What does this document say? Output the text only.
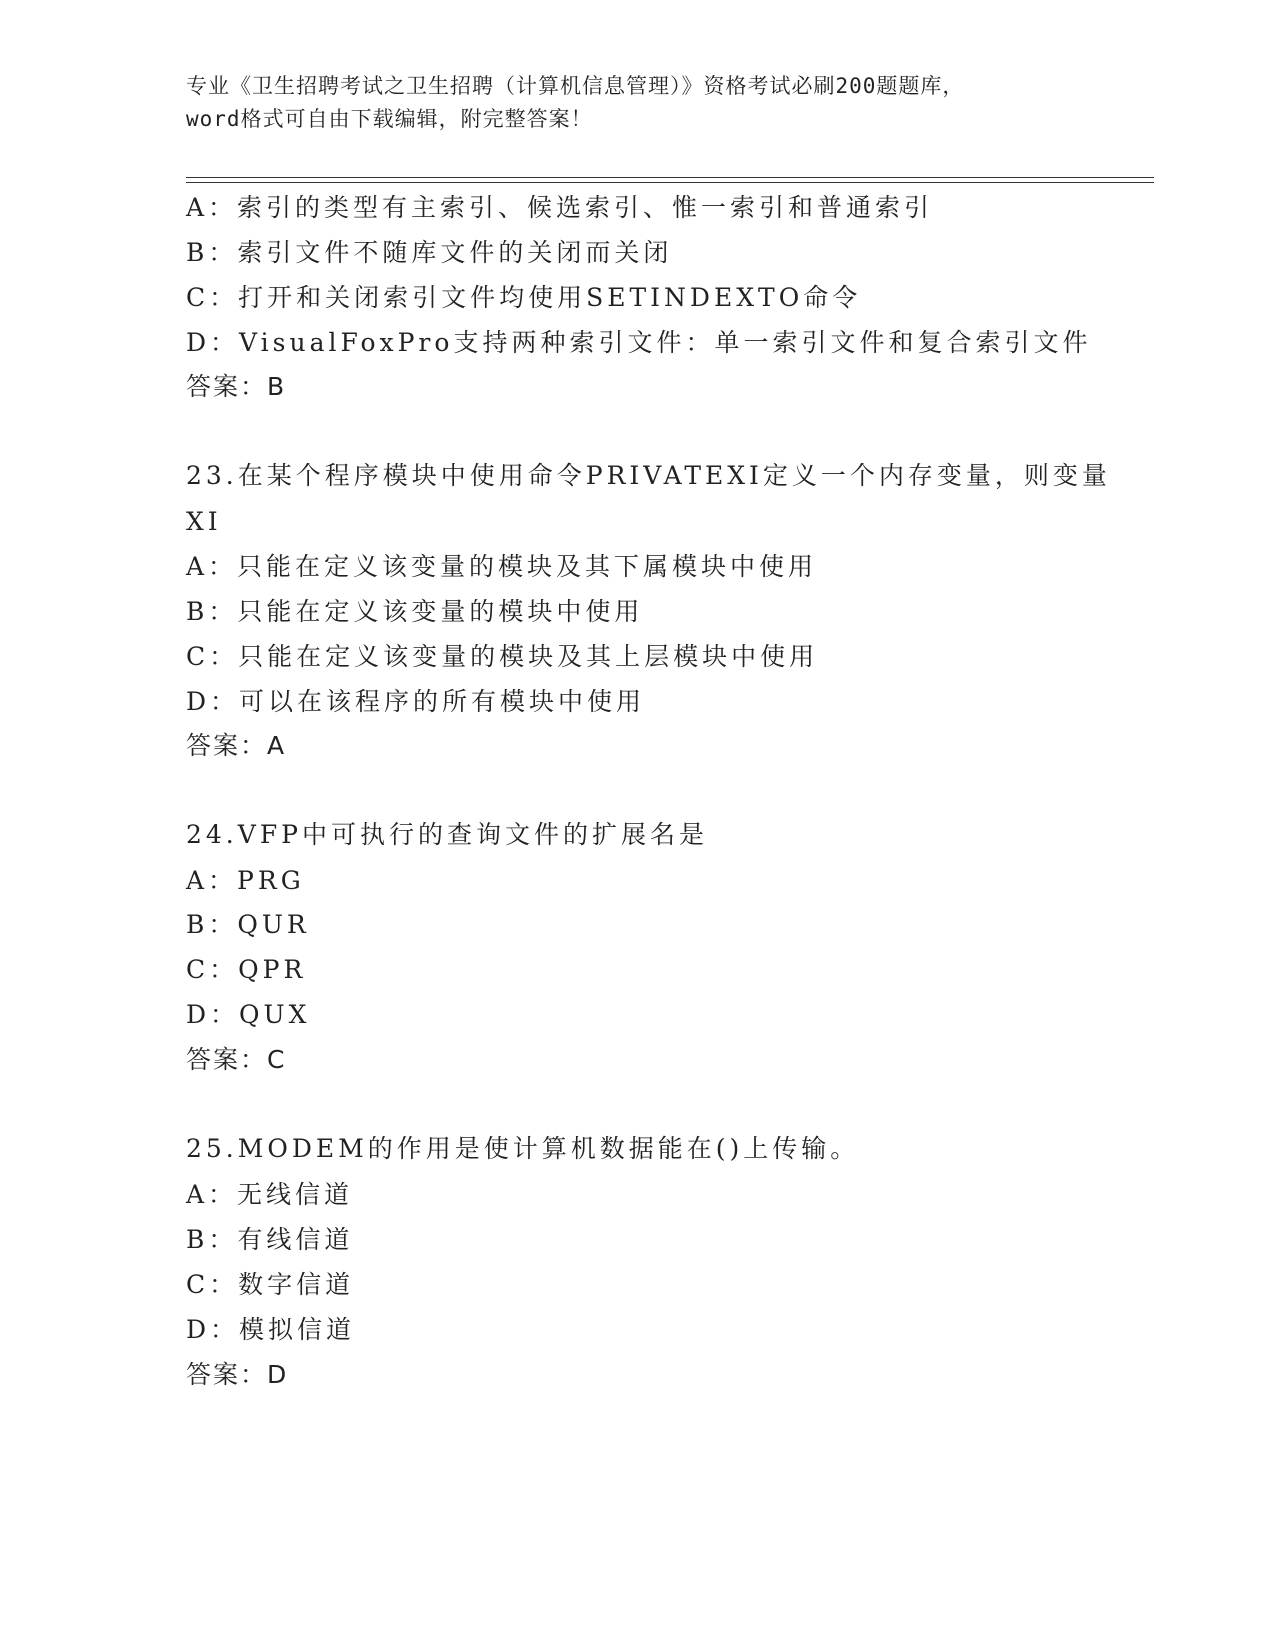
专业《卫生招聘考试之卫生招聘（计算机信息管理）》资格考试必刷200题题库，
word格式可自由下载编辑，附完整答案！
A：索引的类型有主索引、候选索引、惟一索引和普通索引
B：索引文件不随库文件的关闭而关闭
C：打开和关闭索引文件均使用SETINDEXTO命令
D：VisualFoxPro支持两种索引文件：单一索引文件和复合索引文件
答案：B
23.在某个程序模块中使用命令PRIVATEXI定义一个内存变量，则变量
XI
A：只能在定义该变量的模块及其下属模块中使用
B：只能在定义该变量的模块中使用
C：只能在定义该变量的模块及其上层模块中使用
D：可以在该程序的所有模块中使用
答案：A
24.VFP中可执行的查询文件的扩展名是
A：PRG
B：QUR
C：QPR
D：QUX
答案：C
25.MODEM的作用是使计算机数据能在()上传输。
A：无线信道
B：有线信道
C：数字信道
D：模拟信道
答案：D
